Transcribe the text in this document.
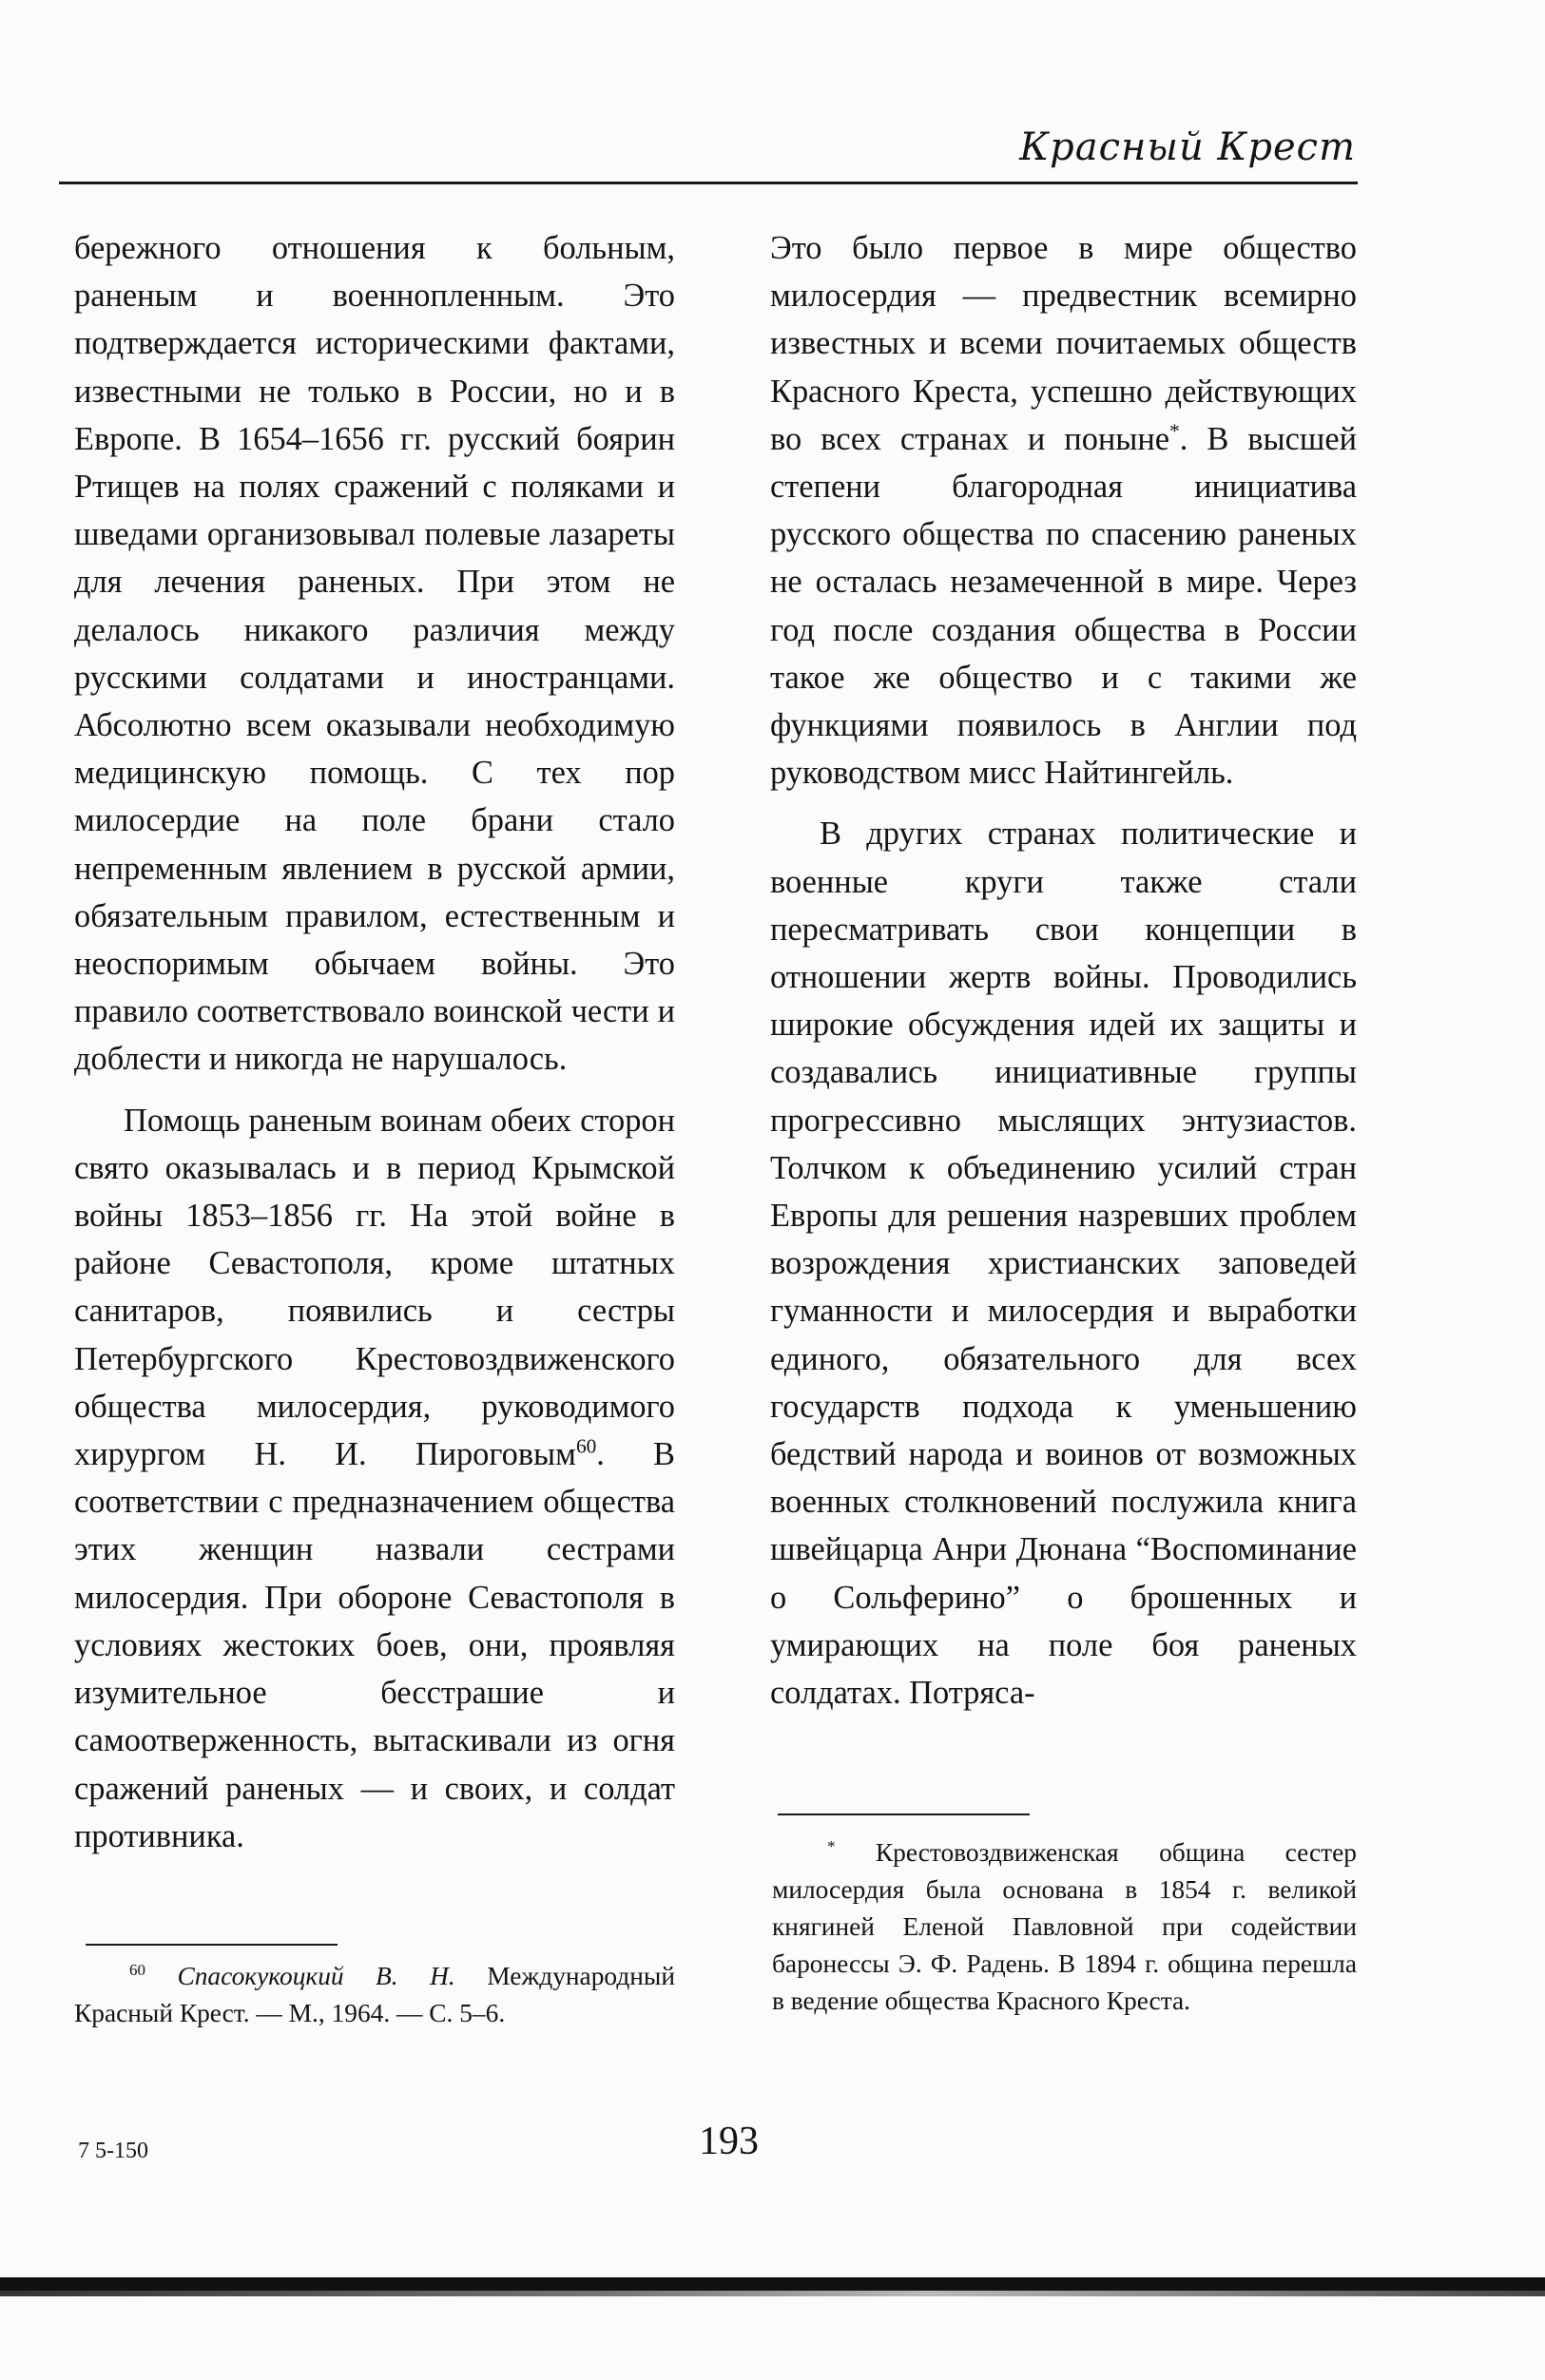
Красный Крест

бережного отношения к больным, раненым и военнопленным. Это подтверждается историческими фактами, известными не только в России, но и в Европе. В 1654–1656 гг. русский боярин Ртищев на полях сражений с поляками и шведами организовывал полевые лазареты для лечения раненых. При этом не делалось никакого различия между русскими солдатами и иностранцами. Абсолютно всем оказывали необходимую медицинскую помощь. С тех пор милосердие на поле брани стало непременным явлением в русской армии, обязательным правилом, естественным и неоспоримым обычаем войны. Это правило соответствовало воинской чести и доблести и никогда не нарушалось.

Помощь раненым воинам обеих сторон свято оказывалась и в период Крымской войны 1853–1856 гг. На этой войне в районе Севастополя, кроме штатных санитаров, появились и сестры Петербургского Крестовоздвиженского общества милосердия, руководимого хирургом Н. И. Пироговым$^{60}$. В соответствии с предназначением общества этих женщин назвали сестрами милосердия. При обороне Севастополя в условиях жестоких боев, они, проявляя изумительное бесстрашие и самоотверженность, вытаскивали из огня сражений раненых — и своих, и солдат противника.

Это было первое в мире общество милосердия — предвестник всемирно известных и всеми почитаемых обществ Красного Креста, успешно действующих во всех странах и поныне*. В высшей степени благородная инициатива русского общества по спасению раненых не осталась незамеченной в мире. Через год после создания общества в России такое же общество и с такими же функциями появилось в Англии под руководством мисс Найтингейль.

В других странах политические и военные круги также стали пересматривать свои концепции в отношении жертв войны. Проводились широкие обсуждения идей их защиты и создавались инициативные группы прогрессивно мыслящих энтузиастов. Толчком к объединению усилий стран Европы для решения назревших проблем возрождения христианских заповедей гуманности и милосердия и выработки единого, обязательного для всех государств подхода к уменьшению бедствий народа и воинов от возможных военных столкновений послужила книга швейцарца Анри Дюнана “Воспоминание о Сольферино” о брошенных и умирающих на поле боя раненых солдатах. Потряса-

$^{60}$ Спасокукоцкий В. Н. Международный Красный Крест. — М., 1964. — С. 5–6.

* Крестовоздвиженская община сестер милосердия была основана в 1854 г. великой княгиней Еленой Павловной при содействии баронессы Э. Ф. Радень. В 1894 г. община перешла в ведение общества Красного Креста.

7 5-150	193
